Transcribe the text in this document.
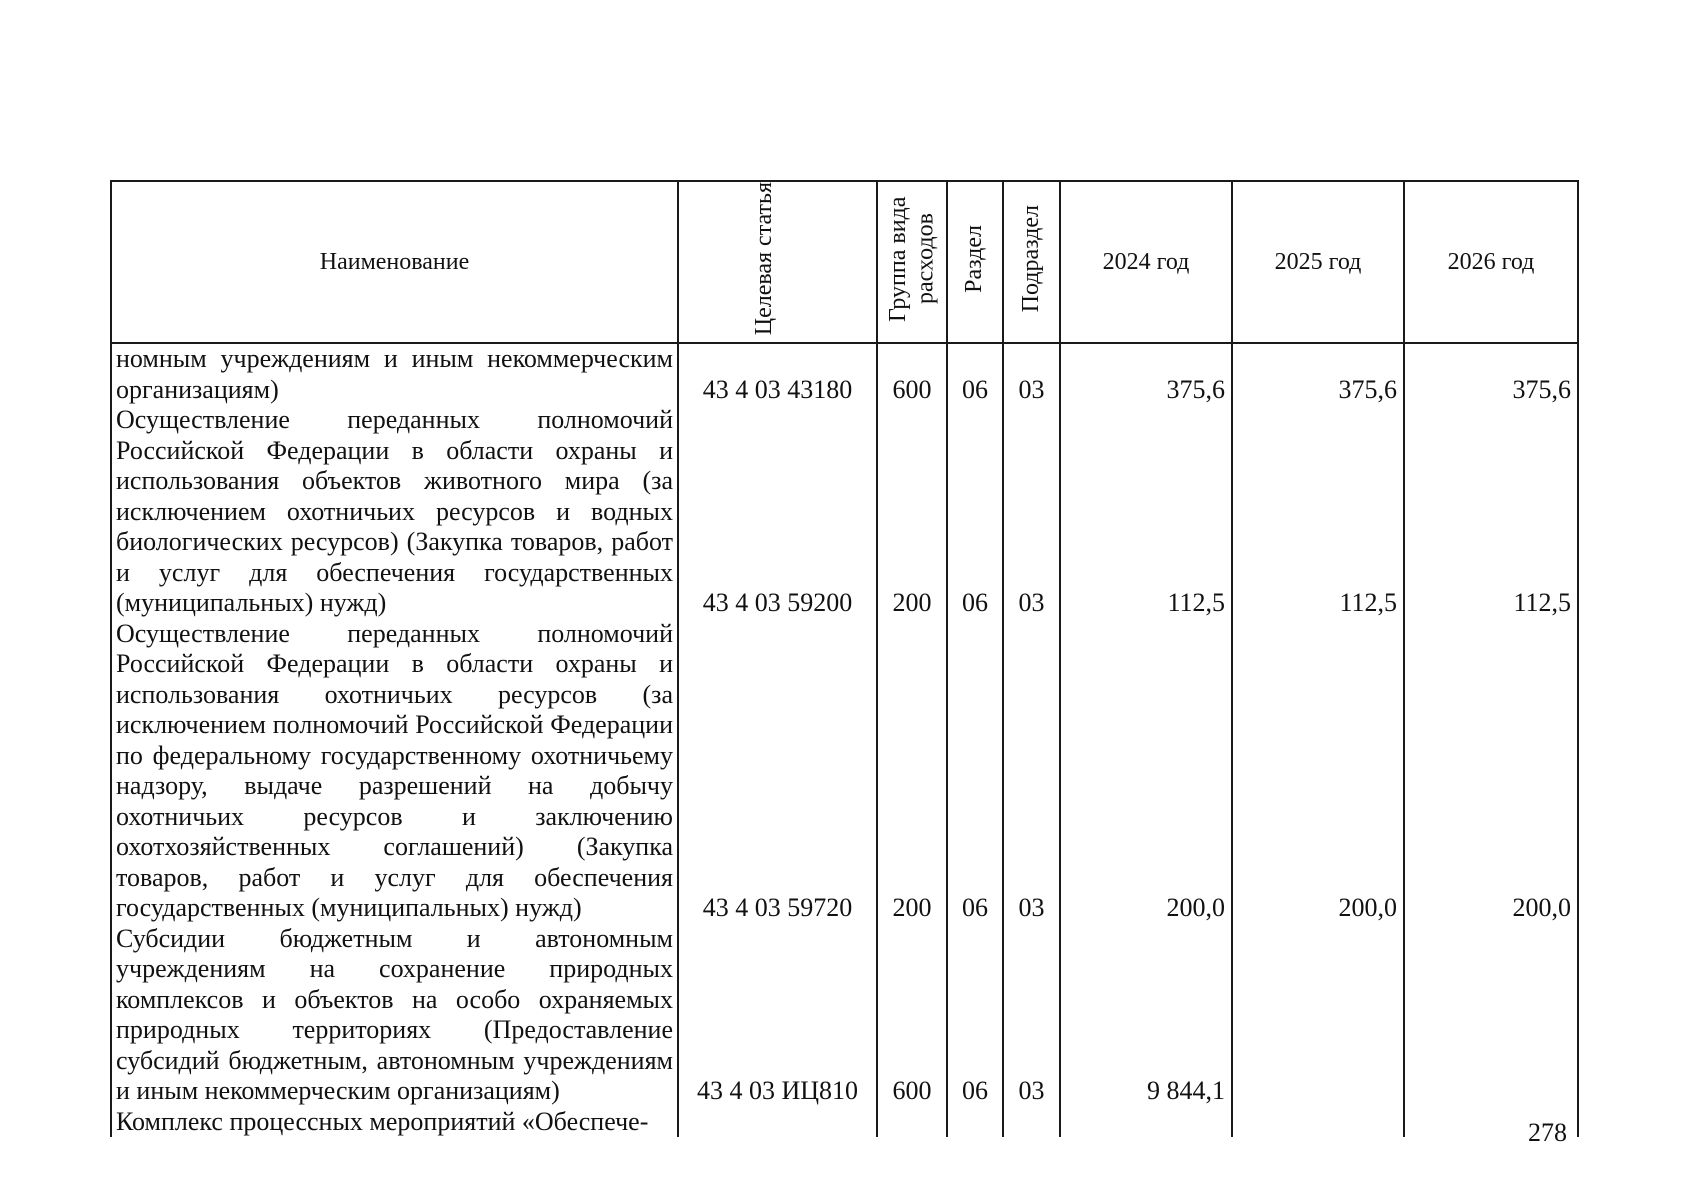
Наименование	Целевая статья	Группа вида расходов	Раздел	Подраздел	2024 год	2025 год	2026 год
номным учреждениям и иным некоммерческим организациям)	43 4 03 43180	600	06	03	375,6	375,6	375,6
Осуществление переданных полномочий Российской Федерации в области охраны и использования объектов животного мира (за исключением охотничьих ресурсов и водных биологических ресурсов) (Закупка товаров, работ и услуг для обеспечения государственных (муниципальных) нужд)	43 4 03 59200	200	06	03	112,5	112,5	112,5
Осуществление переданных полномочий Российской Федерации в области охраны и использования охотничьих ресурсов (за исключением полномочий Российской Федерации по федеральному государственному охотничьему надзору, выдаче разрешений на добычу охотничьих ресурсов и заключению охотхозяйственных соглашений) (Закупка товаров, работ и услуг для обеспечения государственных (муниципальных) нужд)	43 4 03 59720	200	06	03	200,0	200,0	200,0
Субсидии бюджетным и автономным учреждениям на сохранение природных комплексов и объектов на особо охраняемых природных территориях (Предоставление субсидий бюджетным, автономным учреждениям и иным некоммерческим организациям)	43 4 03 ИЦ810	600	06	03	9 844,1		
Комплекс процессных мероприятий «Обеспече-								278
